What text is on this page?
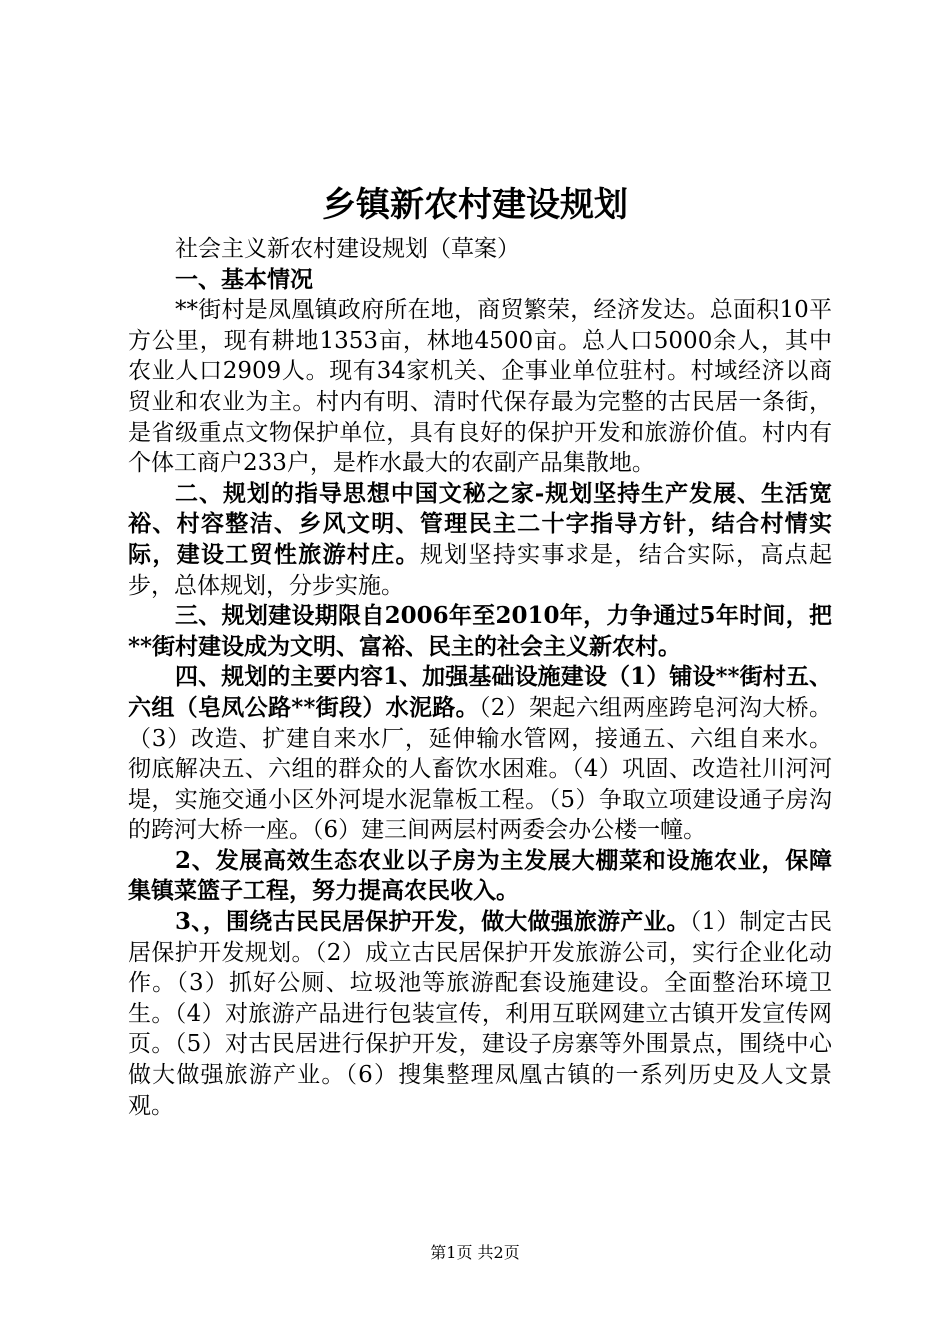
乡镇新农村建设规划

社会主义新农村建设规划（草案）

一、基本情况

**街村是凤凰镇政府所在地，商贸繁荣，经济发达。总面积10平方公里，现有耕地1353亩，林地4500亩。总人口5000余人，其中农业人口2909人。现有34家机关、企事业单位驻村。村域经济以商贸业和农业为主。村内有明、清时代保存最为完整的古民居一条街，是省级重点文物保护单位，具有良好的保护开发和旅游价值。村内有个体工商户233户，是柞水最大的农副产品集散地。

二、规划的指导思想中国文秘之家-规划坚持生产发展、生活宽裕、村容整洁、乡风文明、管理民主二十字指导方针，结合村情实际，建设工贸性旅游村庄。规划坚持实事求是，结合实际，高点起步，总体规划，分步实施。

三、规划建设期限自2006年至2010年，力争通过5年时间，把**街村建设成为文明、富裕、民主的社会主义新农村。

四、规划的主要内容1、加强基础设施建设（1）铺设**街村五、六组（皂凤公路**街段）水泥路。（2）架起六组两座跨皂河沟大桥。（3）改造、扩建自来水厂，延伸输水管网，接通五、六组自来水。彻底解决五、六组的群众的人畜饮水困难。（4）巩固、改造社川河河堤，实施交通小区外河堤水泥靠板工程。（5）争取立项建设通子房沟的跨河大桥一座。（6）建三间两层村两委会办公楼一幢。

2、发展高效生态农业以子房为主发展大棚菜和设施农业，保障集镇菜篮子工程，努力提高农民收入。

3、，围绕古民民居保护开发，做大做强旅游产业。（1）制定古民居保护开发规划。（2）成立古民居保护开发旅游公司，实行企业化动作。（3）抓好公厕、垃圾池等旅游配套设施建设。全面整治环境卫生。（4）对旅游产品进行包装宣传，利用互联网建立古镇开发宣传网页。（5）对古民居进行保护开发，建设子房寨等外围景点，围绕中心做大做强旅游产业。（6）搜集整理凤凰古镇的一系列历史及人文景观。

第1页 共2页
